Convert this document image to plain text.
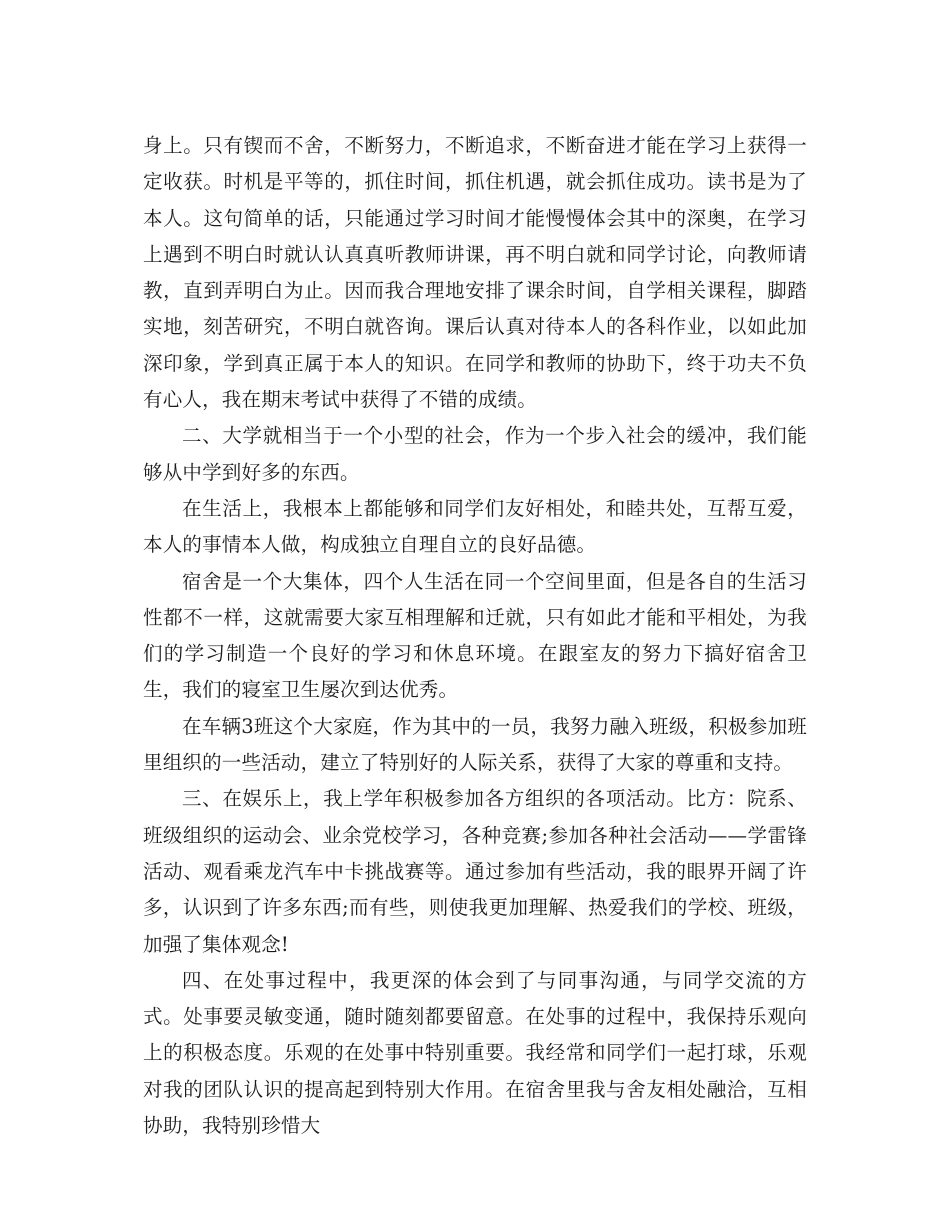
身上。只有锲而不舍，不断努力，不断追求，不断奋进才能在学习上获得一定收获。时机是平等的，抓住时间，抓住机遇，就会抓住成功。读书是为了本人。这句简单的话，只能通过学习时间才能慢慢体会其中的深奥，在学习上遇到不明白时就认认真真听教师讲课，再不明白就和同学讨论，向教师请教，直到弄明白为止。因而我合理地安排了课余时间，自学相关课程，脚踏实地，刻苦研究，不明白就咨询。课后认真对待本人的各科作业，以如此加深印象，学到真正属于本人的知识。在同学和教师的协助下，终于功夫不负有心人，我在期末考试中获得了不错的成绩。

二、大学就相当于一个小型的社会，作为一个步入社会的缓冲，我们能够从中学到好多的东西。

在生活上，我根本上都能够和同学们友好相处，和睦共处，互帮互爱，本人的事情本人做，构成独立自理自立的良好品德。

宿舍是一个大集体，四个人生活在同一个空间里面，但是各自的生活习性都不一样，这就需要大家互相理解和迁就，只有如此才能和平相处，为我们的学习制造一个良好的学习和休息环境。在跟室友的努力下搞好宿舍卫生，我们的寝室卫生屡次到达优秀。

在车辆3班这个大家庭，作为其中的一员，我努力融入班级，积极参加班里组织的一些活动，建立了特别好的人际关系，获得了大家的尊重和支持。

三、在娱乐上，我上学年积极参加各方组织的各项活动。比方：院系、班级组织的运动会、业余党校学习，各种竞赛;参加各种社会活动——学雷锋活动、观看乘龙汽车中卡挑战赛等。通过参加有些活动，我的眼界开阔了许多，认识到了许多东西;而有些，则使我更加理解、热爱我们的学校、班级，加强了集体观念!

四、在处事过程中，我更深的体会到了与同事沟通，与同学交流的方式。处事要灵敏变通，随时随刻都要留意。在处事的过程中，我保持乐观向上的积极态度。乐观的在处事中特别重要。我经常和同学们一起打球，乐观对我的团队认识的提高起到特别大作用。在宿舍里我与舍友相处融洽，互相协助，我特别珍惜大
